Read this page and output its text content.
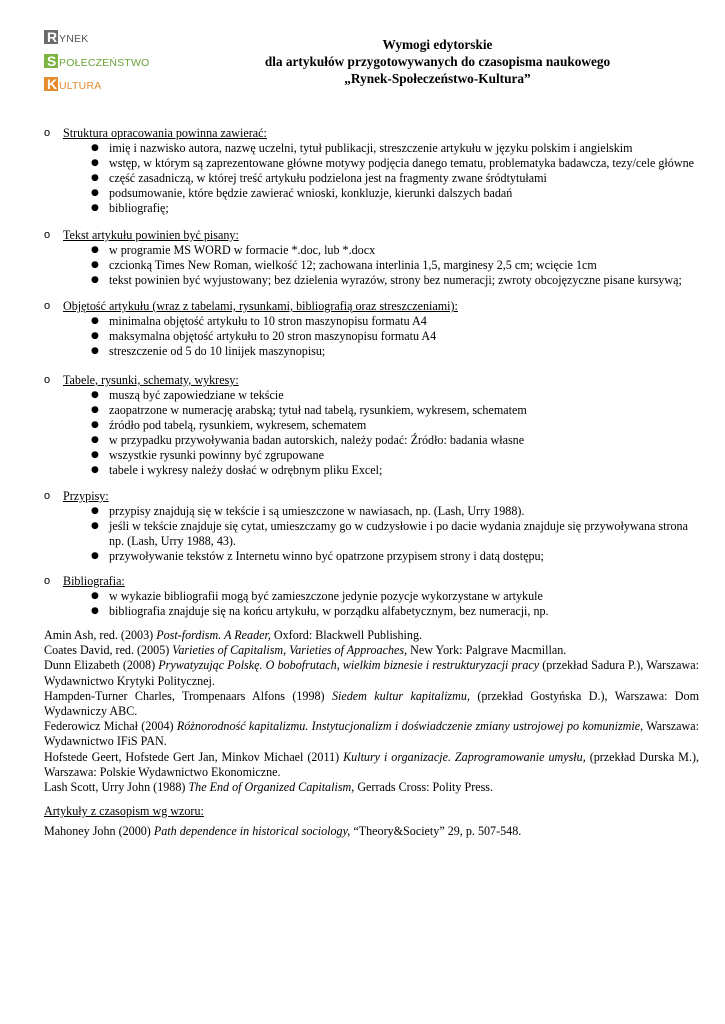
R YNEK
S POŁECZEŃSTWO
K ULTURA
Wymogi edytorskie
dla artykułów przygotowywanych do czasopisma naukowego
„Rynek-Społeczeństwo-Kultura”
o Struktura opracowania powinna zawierać:
● imię i nazwisko autora, nazwę uczelni, tytuł publikacji, streszczenie artykułu w języku polskim i angielskim
● wstęp, w którym są zaprezentowane główne motywy podjęcia danego tematu, problematyka badawcza, tezy/cele główne
● część zasadniczą, w której treść artykułu podzielona jest na fragmenty zwane śródtytułami
● podsumowanie, które będzie zawierać wnioski, konkluzje, kierunki dalszych badań
● bibliografię;
o Tekst artykułu powinien być pisany:
● w programie MS WORD w formacie *.doc, lub *.docx
● czcionką Times New Roman, wielkość 12; zachowana interlinia 1,5, marginesy 2,5 cm; wcięcie 1cm
● tekst powinien być wyjustowany; bez dzielenia wyrazów, strony bez numeracji; zwroty obcojęzyczne pisane kursywą;
o Objętość artykułu (wraz z tabelami, rysunkami, bibliografią oraz streszczeniami):
● minimalna objętość artykułu to 10 stron maszynopisu formatu A4
● maksymalna objętość artykułu to 20 stron maszynopisu formatu A4
● streszczenie od 5 do 10 linijek maszynopisu;
o Tabele, rysunki, schematy, wykresy:
● muszą być zapowiedziane w tekście
● zaopatrzone w numerację arabską; tytuł nad tabelą, rysunkiem, wykresem, schematem
● źródło pod tabelą, rysunkiem, wykresem, schematem
● w przypadku przywoływania badan autorskich, należy podać: Źródło: badania własne
● wszystkie rysunki powinny być zgrupowane
● tabele i wykresy należy dosłać w odrębnym pliku Excel;
o Przypisy:
● przypisy znajdują się w tekście i są umieszczone w nawiasach, np. (Lash, Urry 1988).
● jeśli w tekście znajduje się cytat, umieszczamy go w cudzysłowie i po dacie wydania znajduje się przywoływana strona np. (Lash, Urry 1988, 43).
● przywoływanie tekstów z Internetu winno być opatrzone przypisem strony i datą dostępu;
o Bibliografia:
● w wykazie bibliografii mogą być zamieszczone jedynie pozycje wykorzystane w artykule
● bibliografia znajduje się na końcu artykułu, w porządku alfabetycznym, bez numeracji, np.

Amin Ash, red. (2003) Post-fordism. A Reader, Oxford: Blackwell Publishing.

Coates David, red. (2005) Varieties of Capitalism, Varieties of Approaches, New York: Palgrave Macmillan.

Dunn Elizabeth (2008) Prywatyzując Polskę. O bobofrutach, wielkim biznesie i restrukturyzacji pracy (przekład Sadura P.), Warszawa: Wydawnictwo Krytyki Politycznej.

Hampden-Turner Charles, Trompenaars Alfons (1998) Siedem kultur kapitalizmu, (przekład Gostyńska D.), Warszawa: Dom Wydawniczy ABC.

Federowicz Michał (2004) Różnorodność kapitalizmu. Instytucjonalizm i doświadczenie zmiany ustrojowej po komunizmie, Warszawa: Wydawnictwo IFiS PAN.

Hofstede Geert, Hofstede Gert Jan, Minkov Michael (2011) Kultury i organizacje. Zaprogramowanie umysłu, (przekład Durska M.), Warszawa: Polskie Wydawnictwo Ekonomiczne.

Lash Scott, Urry John (1988) The End of Organized Capitalism, Gerrads Cross: Polity Press.

Artykuły z czasopism wg wzoru:
Mahoney John (2000) Path dependence in historical sociology, “Theory&Society” 29, p. 507-548.
